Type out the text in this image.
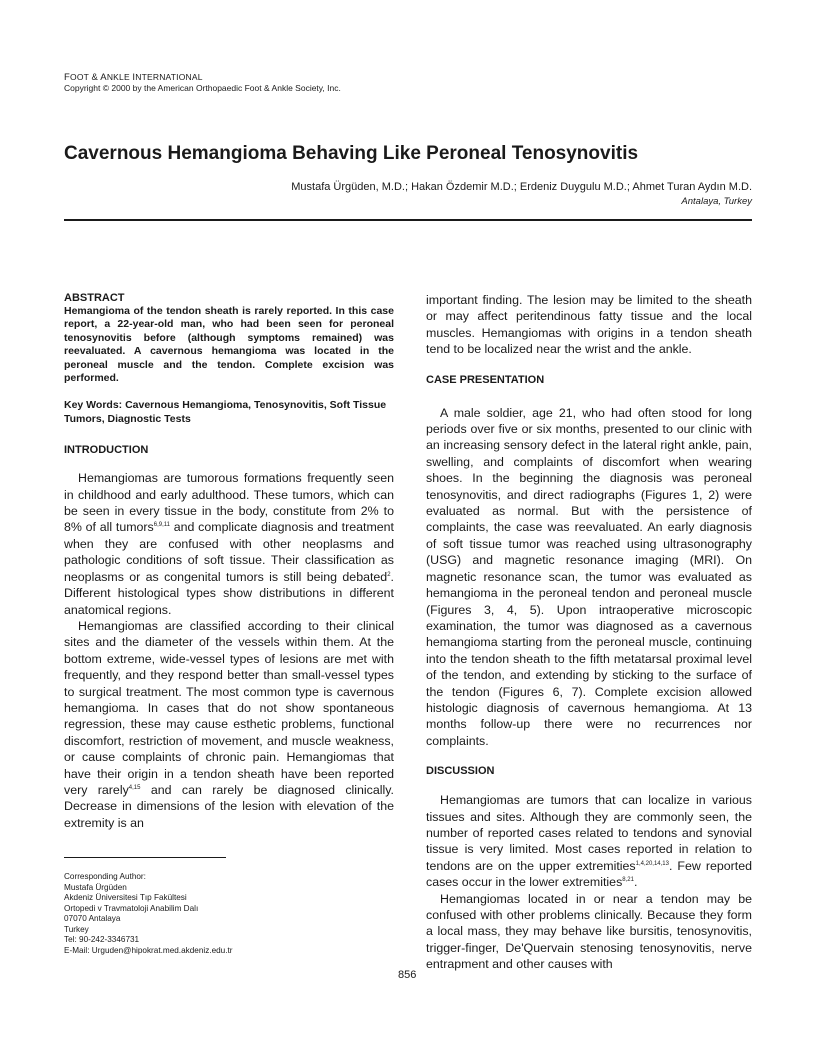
FOOT & ANKLE INTERNATIONAL
Copyright © 2000 by the American Orthopaedic Foot & Ankle Society, Inc.
Cavernous Hemangioma Behaving Like Peroneal Tenosynovitis
Mustafa Ürgüden, M.D.; Hakan Özdemir M.D.; Erdeniz Duygulu M.D.; Ahmet Turan Aydın M.D.
Antalaya, Turkey

ABSTRACT

Hemangioma of the tendon sheath is rarely reported. In this case report, a 22-year-old man, who had been seen for peroneal tenosynovitis before (although symptoms remained) was reevaluated. A cavernous hemangioma was located in the peroneal muscle and the tendon. Complete excision was performed.

Key Words: Cavernous Hemangioma, Tenosynovitis, Soft Tissue Tumors, Diagnostic Tests

INTRODUCTION

Hemangiomas are tumorous formations frequently seen in childhood and early adulthood. These tumors, which can be seen in every tissue in the body, constitute from 2% to 8% of all tumors$^{6,9,11}$ and complicate diagnosis and treatment when they are confused with other neoplasms and pathologic conditions of soft tissue. Their classification as neoplasms or as congenital tumors is still being debated$^2$. Different histological types show distributions in different anatomical regions.

Hemangiomas are classified according to their clinical sites and the diameter of the vessels within them. At the bottom extreme, wide-vessel types of lesions are met with frequently, and they respond better than small-vessel types to surgical treatment. The most common type is cavernous hemangioma. In cases that do not show spontaneous regression, these may cause esthetic problems, functional discomfort, restriction of movement, and muscle weakness, or cause complaints of chronic pain. Hemangiomas that have their origin in a tendon sheath have been reported very rarely$^{4,15}$ and can rarely be diagnosed clinically. Decrease in dimensions of the lesion with elevation of the extremity is an

important finding. The lesion may be limited to the sheath or may affect peritendinous fatty tissue and the local muscles. Hemangiomas with origins in a tendon sheath tend to be localized near the wrist and the ankle.

CASE PRESENTATION

A male soldier, age 21, who had often stood for long periods over five or six months, presented to our clinic with an increasing sensory defect in the lateral right ankle, pain, swelling, and complaints of discomfort when wearing shoes. In the beginning the diagnosis was peroneal tenosynovitis, and direct radiographs (Figures 1, 2) were evaluated as normal. But with the persistence of complaints, the case was reevaluated. An early diagnosis of soft tissue tumor was reached using ultrasonography (USG) and magnetic resonance imaging (MRI). On magnetic resonance scan, the tumor was evaluated as hemangioma in the peroneal tendon and peroneal muscle (Figures 3, 4, 5). Upon intraoperative microscopic examination, the tumor was diagnosed as a cavernous hemangioma starting from the peroneal muscle, continuing into the tendon sheath to the fifth metatarsal proximal level of the tendon, and extending by sticking to the surface of the tendon (Figures 6, 7). Complete excision allowed histologic diagnosis of cavernous hemangioma. At 13 months follow-up there were no recurrences nor complaints.

DISCUSSION

Hemangiomas are tumors that can localize in various tissues and sites. Although they are commonly seen, the number of reported cases related to tendons and synovial tissue is very limited. Most cases reported in relation to tendons are on the upper extremities$^{1,4,20,14,13}$. Few reported cases occur in the lower extremities$^{8,21}$.

Hemangiomas located in or near a tendon may be confused with other problems clinically. Because they form a local mass, they may behave like bursitis, tenosynovitis, trigger-finger, De'Quervain stenosing tenosynovitis, nerve entrapment and other causes with

Corresponding Author:
Mustafa Ürgüden
Akdeniz Üniversitesi Tıp Fakültesi
Ortopedi v Travmatoloji Anabilim Dalı
07070 Antalaya
Turkey
Tel: 90-242-3346731
E-Mail: Urguden@hipokrat.med.akdeniz.edu.tr
856
